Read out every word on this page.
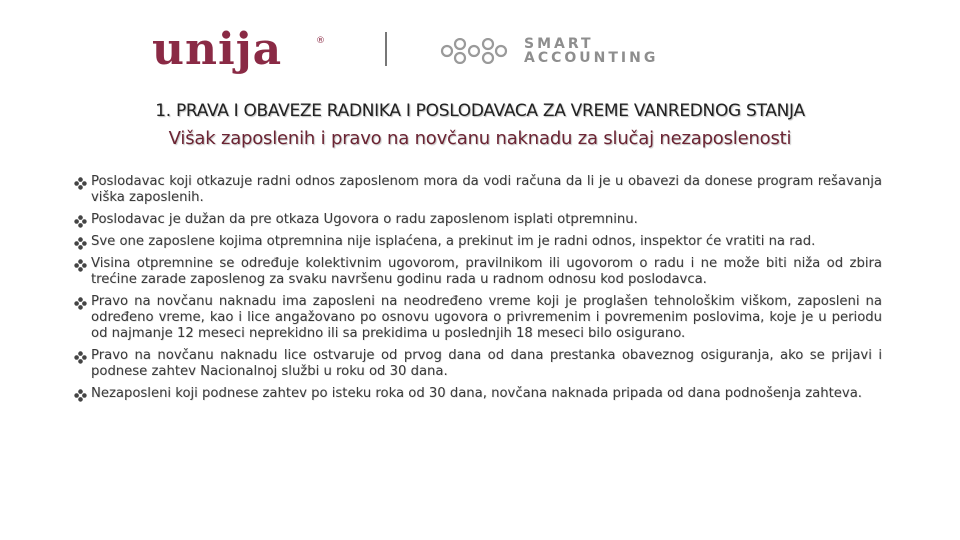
unija	®	SMART
ACCOUNTING
1. PRAVA I OBAVEZE RADNIKA I POSLODAVACA ZA VREME VANREDNOG STANJA
Višak zaposlenih i pravo na novčanu naknadu za slučaj nezaposlenosti
Poslodavac koji otkazuje radni odnos zaposlenom mora da vodi računa da li je u obavezi da donese program rešavanja viška zaposlenih.
Poslodavac je dužan da pre otkaza Ugovora o radu zaposlenom isplati otpremninu.
Sve one zaposlene kojima otpremnina nije isplaćena, a prekinut im je radni odnos, inspektor će vratiti na rad.
Visina otpremnine se određuje kolektivnim ugovorom, pravilnikom ili ugovorom o radu i ne može biti niža od zbira trećine zarade zaposlenog za svaku navršenu godinu rada u radnom odnosu kod poslodavca.
Pravo na novčanu naknadu ima zaposleni na neodređeno vreme koji je proglašen tehnološkim viškom, zaposleni na određeno vreme, kao i lice angažovano po osnovu ugovora o privremenim i povremenim poslovima, koje je u periodu od najmanje 12 meseci neprekidno ili sa prekidima u poslednjih 18 meseci bilo osigurano.
Pravo na novčanu naknadu lice ostvaruje od prvog dana od dana prestanka obaveznog osiguranja, ako se prijavi i podnese zahtev Nacionalnoj službi u roku od 30 dana.
Nezaposleni koji podnese zahtev po isteku roka od 30 dana, novčana naknada pripada od dana podnošenja zahteva.
